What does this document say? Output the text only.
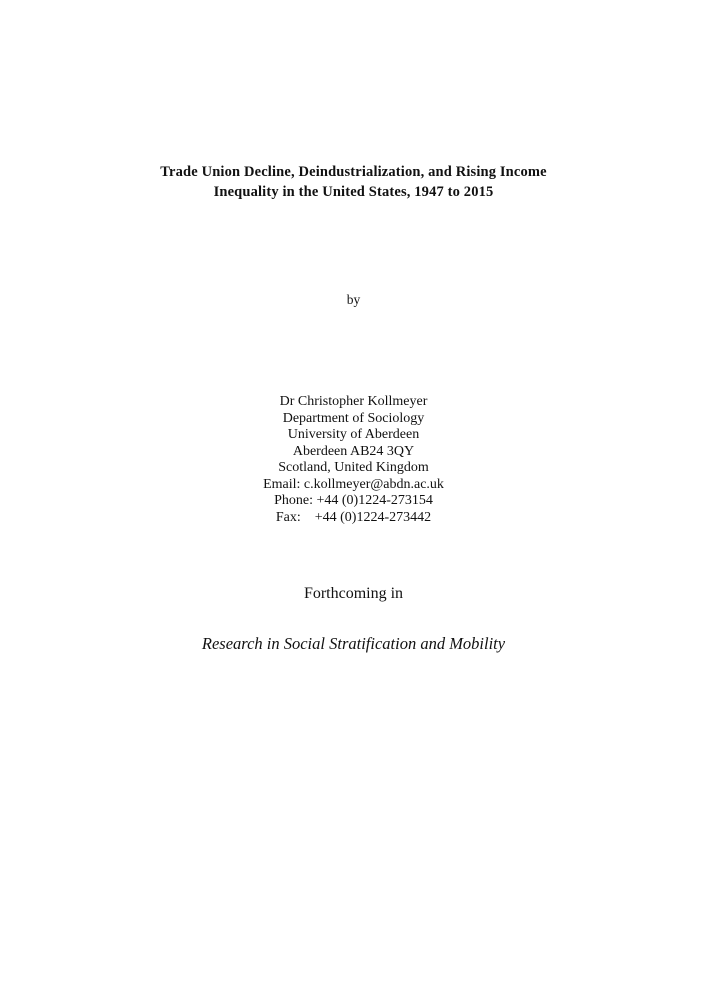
Trade Union Decline, Deindustrialization, and Rising Income
Inequality in the United States, 1947 to 2015
by
Dr Christopher Kollmeyer
Department of Sociology
University of Aberdeen
Aberdeen AB24 3QY
Scotland, United Kingdom
Email: c.kollmeyer@abdn.ac.uk
Phone: +44 (0)1224-273154
Fax:    +44 (0)1224-273442
Forthcoming in
Research in Social Stratification and Mobility
